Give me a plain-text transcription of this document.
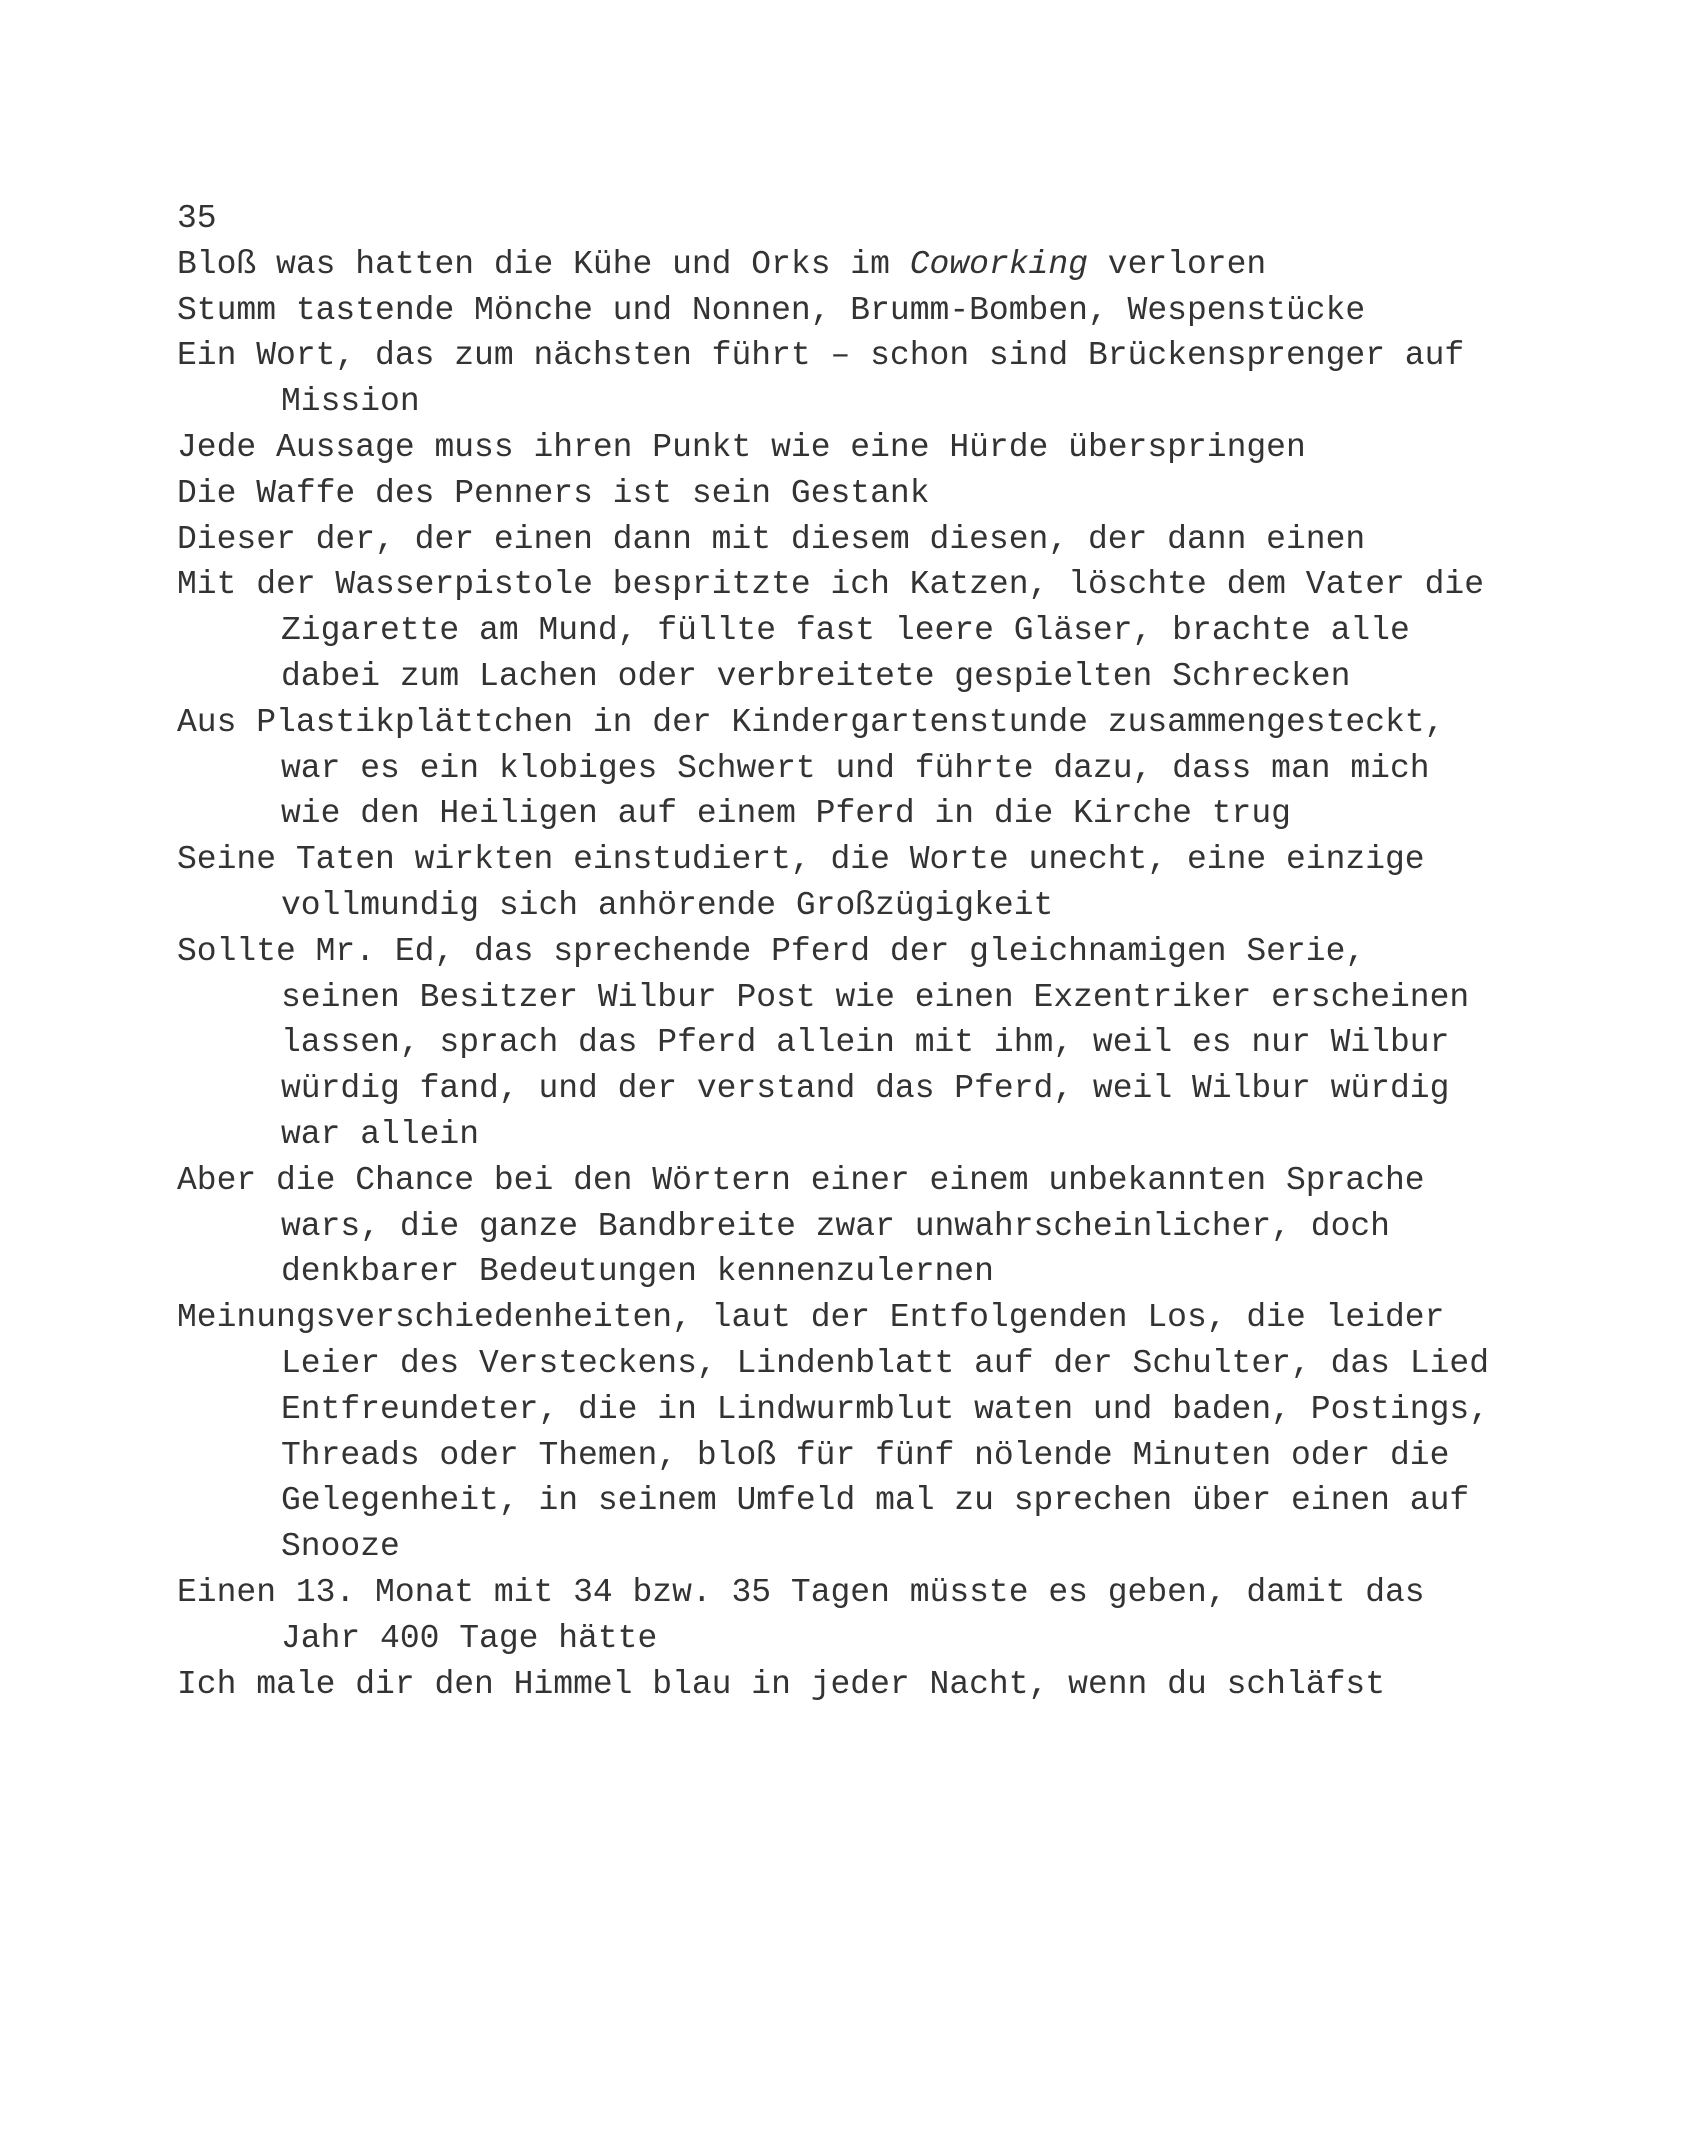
35
Bloß was hatten die Kühe und Orks im Coworking verloren
Stumm tastende Mönche und Nonnen, Brumm-Bomben, Wespenstücke
Ein Wort, das zum nächsten führt – schon sind Brückensprenger auf
Mission
Jede Aussage muss ihren Punkt wie eine Hürde überspringen
Die Waffe des Penners ist sein Gestank
Dieser der, der einen dann mit diesem diesen, der dann einen
Mit der Wasserpistole bespritzte ich Katzen, löschte dem Vater die
Zigarette am Mund, füllte fast leere Gläser, brachte alle
dabei zum Lachen oder verbreitete gespielten Schrecken
Aus Plastikplättchen in der Kindergartenstunde zusammengesteckt,
war es ein klobiges Schwert und führte dazu, dass man mich
wie den Heiligen auf einem Pferd in die Kirche trug
Seine Taten wirkten einstudiert, die Worte unecht, eine einzige
vollmundig sich anhörende Großzügigkeit
Sollte Mr. Ed, das sprechende Pferd der gleichnamigen Serie,
seinen Besitzer Wilbur Post wie einen Exzentriker erscheinen
lassen, sprach das Pferd allein mit ihm, weil es nur Wilbur
würdig fand, und der verstand das Pferd, weil Wilbur würdig
war allein
Aber die Chance bei den Wörtern einer einem unbekannten Sprache
wars, die ganze Bandbreite zwar unwahrscheinlicher, doch
denkbarer Bedeutungen kennenzulernen
Meinungsverschiedenheiten, laut der Entfolgenden Los, die leider
Leier des Versteckens, Lindenblatt auf der Schulter, das Lied
Entfreundeter, die in Lindwurmblut waten und baden, Postings,
Threads oder Themen, bloß für fünf nölende Minuten oder die
Gelegenheit, in seinem Umfeld mal zu sprechen über einen auf
Snooze
Einen 13. Monat mit 34 bzw. 35 Tagen müsste es geben, damit das
Jahr 400 Tage hätte
Ich male dir den Himmel blau in jeder Nacht, wenn du schläfst
